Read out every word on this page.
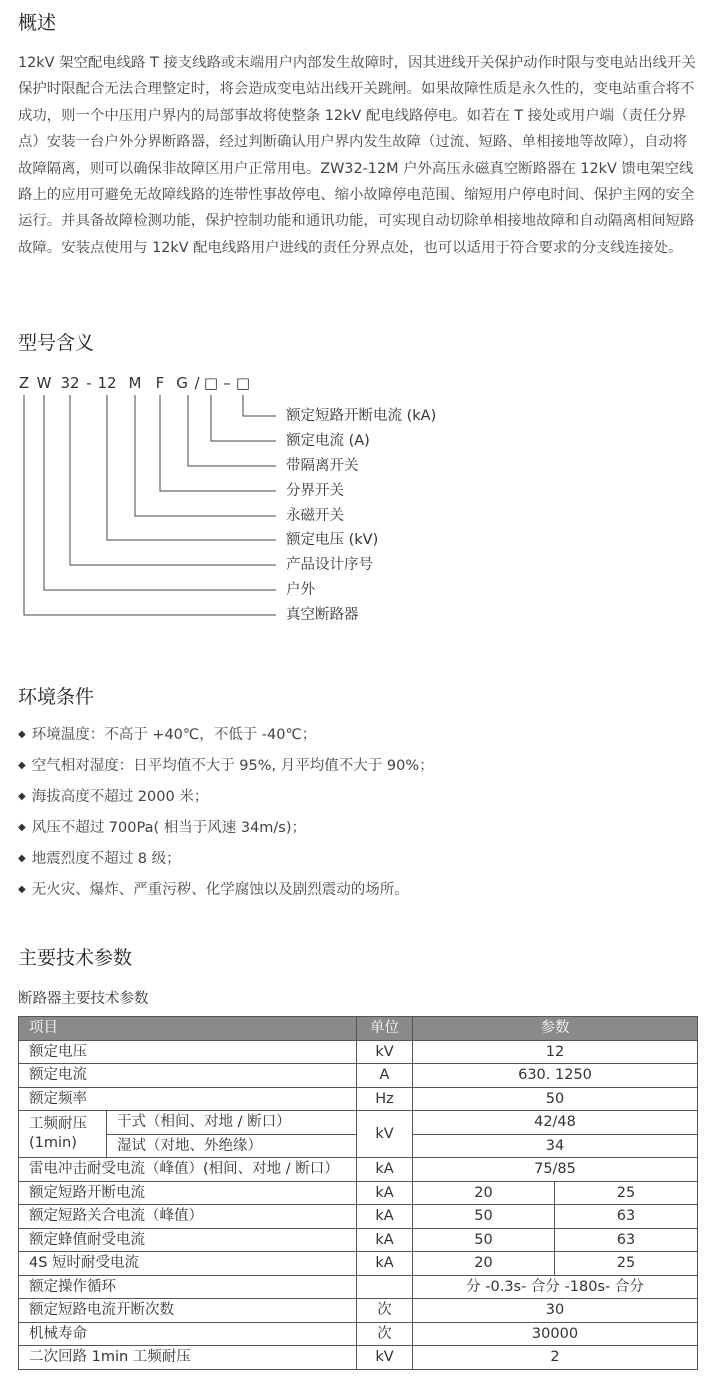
概述

12kV 架空配电线路 T 接支线路或末端用户内部发生故障时，因其进线开关保护动作时限与变电站出线开关保护时限配合无法合理整定时，将会造成变电站出线开关跳闸。如果故障性质是永久性的，变电站重合将不成功，则一个中压用户界内的局部事故将使整条 12kV 配电线路停电。如若在 T 接处或用户端（责任分界点）安装一台户外分界断路器，经过判断确认用户界内发生故障（过流、短路、单相接地等故障），自动将故障隔离，则可以确保非故障区用户正常用电。ZW32-12M 户外高压永磁真空断路器在 12kV 馈电架空线路上的应用可避免无故障线路的连带性事故停电、缩小故障停电范围、缩短用户停电时间、保护主网的安全运行。并具备故障检测功能，保护控制功能和通讯功能，可实现自动切除单相接地故障和自动隔离相间短路故障。安装点使用与 12kV 配电线路用户进线的责任分界点处，也可以适用于符合要求的分支线连接处。

型号含义
Z W 32 - 12 M F G / □ – □
额定短路开断电流 (kA)
额定电流 (A)
带隔离开关
分界开关
永磁开关
额定电压 (kV)
产品设计序号
户外
真空断路器
环境条件
◆ 环境温度：不高于 +40℃，不低于 -40℃；
◆ 空气相对湿度：日平均值不大于 95%, 月平均值不大于 90%；
◆ 海拔高度不超过 2000 米；
◆ 风压不超过 700Pa( 相当于风速 34m/s)；
◆ 地震烈度不超过 8 级；
◆ 无火灾、爆炸、严重污秽、化学腐蚀以及剧烈震动的场所。
主要技术参数
断路器主要技术参数
项目		单位	参数	
额定电压		kV	12	
额定电流		A	630. 1250	
额定频率		Hz	50	
工频耐压
(1min)	干式（相间、对地 / 断口）	kV	42/48	
	湿试（对地、外绝缘）		34	
雷电冲击耐受电流（峰值）(相间、对地 / 断口）		kA	75/85	
额定短路开断电流		kA	20	25
额定短路关合电流（峰值）		kA	50	63
额定蜂值耐受电流		kA	50	63
4S 短时耐受电流		kA	20	25
额定操作循环			分 -0.3s- 合分 -180s- 合分	
额定短路电流开断次数		次	30	
机械寿命		次	30000	
二次回路 1min 工频耐压		kV	2	
